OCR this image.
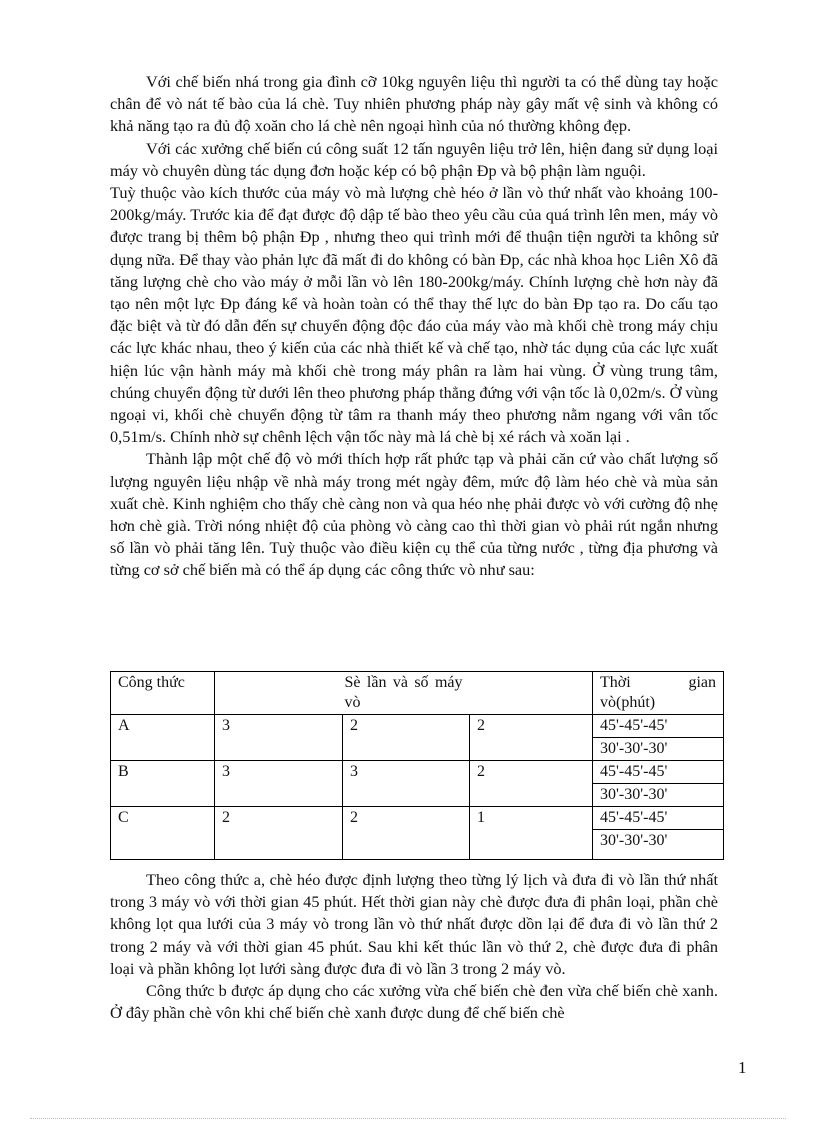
Với chế biến nhá trong gia đình cỡ 10kg nguyên liệu thì người ta có thể dùng tay hoặc chân để vò nát tế bào của lá chè. Tuy nhiên phương pháp này gây mất vệ sinh và không có khả năng tạo ra đủ độ xoăn cho lá chè nên ngoại hình của nó thường không đẹp.

Với các xưởng chế biến cú công suất 12 tấn nguyên liệu trở lên, hiện đang sử dụng loại máy vò chuyên dùng tác dụng đơn hoặc kép có bộ phận Đp và bộ phận làm nguội.

Tuỳ thuộc vào kích thước của máy vò mà lượng chè héo ở lần vò thứ nhất vào khoảng 100-200kg/máy. Trước kia để đạt được độ dập tế bào theo yêu cầu của quá trình lên men, máy vò được trang bị thêm bộ phận Đp , nhưng theo qui trình mới để thuận tiện người ta không sử dụng nữa. Để thay vào phản lực đã mất đi do không có bàn Đp, các nhà khoa học Liên Xô đã tăng lượng chè cho vào máy ở mỗi lần vò lên 180-200kg/máy. Chính lượng chè hơn này đã tạo nên một lực Đp đáng kể và hoàn toàn có thể thay thế lực do bàn Đp tạo ra. Do cấu tạo đặc biệt và từ đó dẫn đến sự chuyển động độc đáo của máy vào mà khối chè trong máy chịu các lực khác nhau, theo ý kiến của các nhà thiết kế và chế tạo, nhờ tác dụng của các lực xuất hiện lúc vận hành máy mà khối chè trong máy phân ra làm hai vùng. Ở vùng trung tâm, chúng chuyển động từ dưới lên theo phương pháp thẳng đứng với vận tốc là 0,02m/s. Ở vùng ngoại vi, khối chè chuyển động từ tâm ra thanh máy theo phương nằm ngang với vân tốc 0,51m/s. Chính nhờ sự chênh lệch vận tốc này mà lá chè bị xé rách và xoăn lại .

Thành lập một chế độ vò mới thích hợp rất phức tạp và phải căn cứ vào chất lượng số lượng nguyên liệu nhập về nhà máy trong mét ngày đêm, mức độ làm héo chè và mùa sản xuất chè. Kinh nghiệm cho thấy chè càng non và qua héo nhẹ phải được vò với cường độ nhẹ hơn chè già. Trời nóng nhiệt độ của phòng vò càng cao thì thời gian vò phải rút ngắn nhưng số lần vò phải tăng lên. Tuỳ thuộc vào điều kiện cụ thể của từng nước , từng địa phương và từng cơ sở chế biến mà có thể áp dụng các công thức vò như sau:

Công thức	Sè lần và số máy vò			Thời gian vò(phút)
A	3	2	2	45'-45'-45'
				30'-30'-30'
B	3	3	2	45'-45'-45'
				30'-30'-30'
C	2	2	1	45'-45'-45'
				30'-30'-30'

Theo công thức a, chè héo được định lượng theo từng lý lịch và đưa đi vò lần thứ nhất trong 3 máy vò với thời gian 45 phút. Hết thời gian này chè được đưa đi phân loại, phần chè không lọt qua lưới của 3 máy vò trong lần vò thứ nhất được dồn lại để đưa đi vò lần thứ 2 trong 2 máy và với thời gian 45 phút. Sau khi kết thúc lần vò thứ 2, chè được đưa đi phân loại và phần không lọt lưới sàng được đưa đi vò lần 3 trong 2 máy vò.

Công thức b được áp dụng cho các xưởng vừa chế biến chè đen vừa chế biến chè xanh. Ở đây phần chè vôn khi chế biến chè xanh được dung để chế biến chè

1
